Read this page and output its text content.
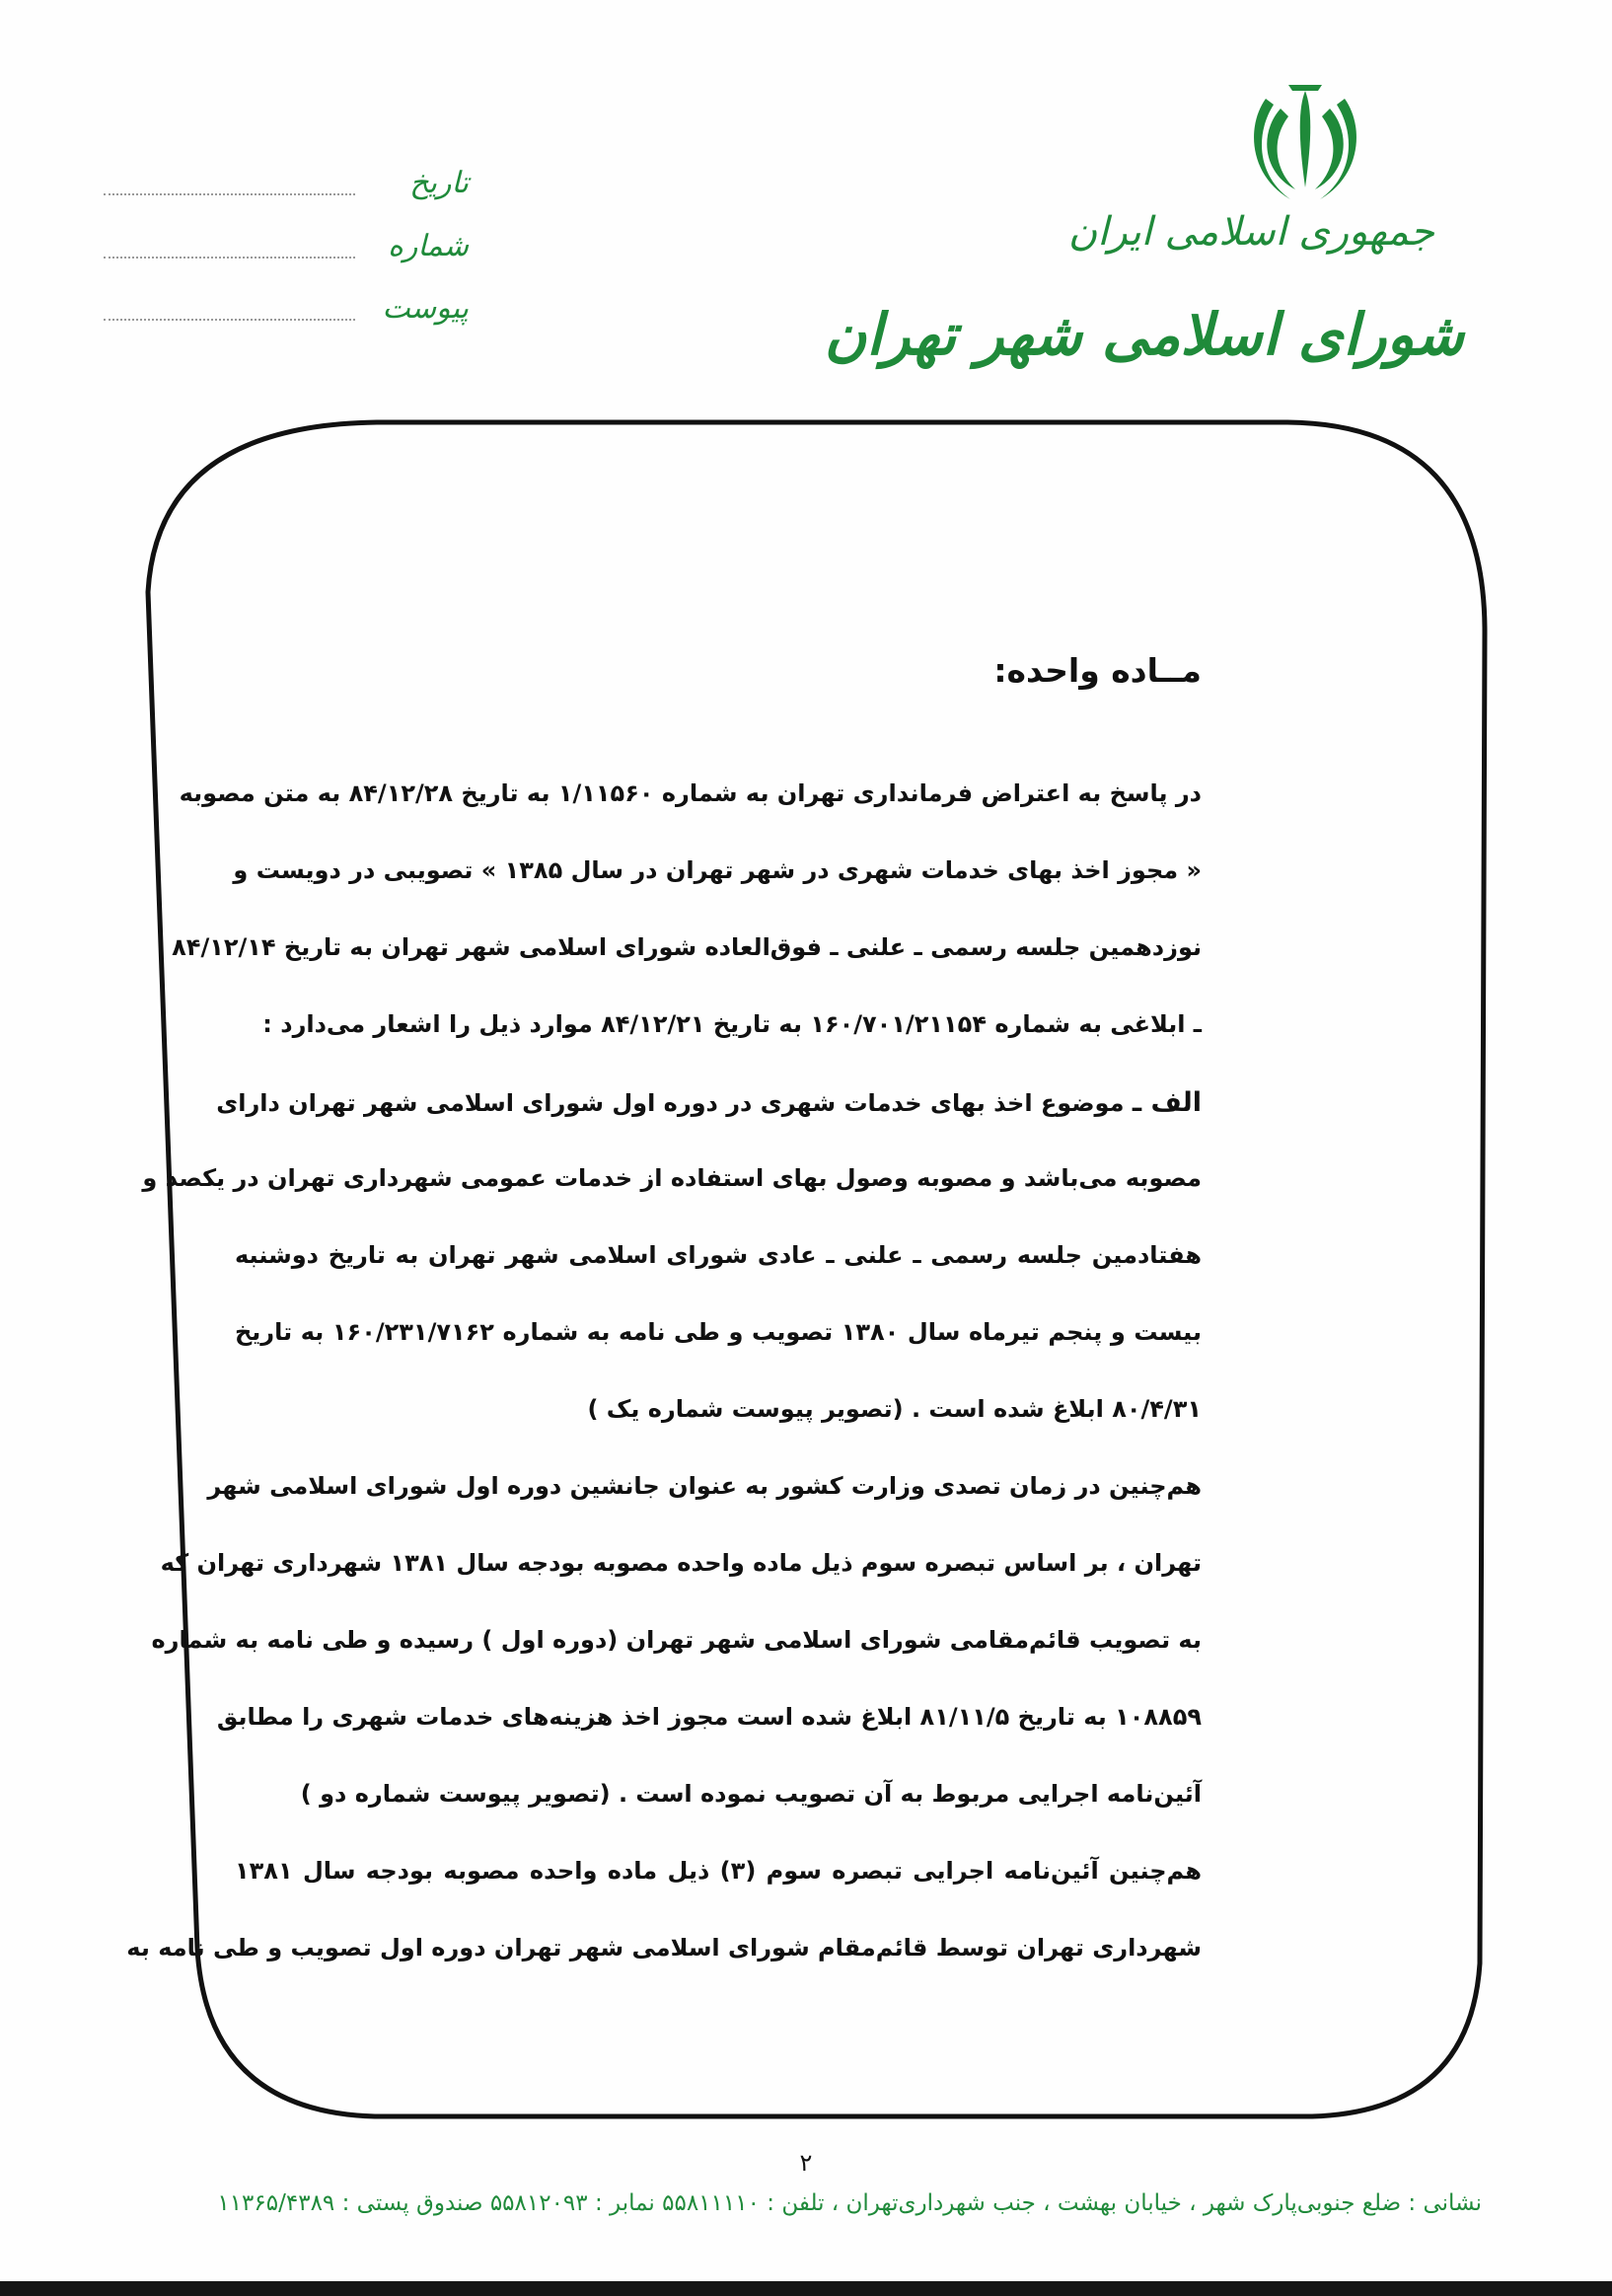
جمهوری اسلامی ایران
شورای اسلامی شهر تهران
تاریخ
شماره
پیوست
مــاده واحده:
در پاسخ به اعتراض فرمانداری تهران به شماره ۱/۱۱۵۶۰ به تاریخ ۸۴/۱۲/۲۸ به متن مصوبه
« مجوز اخذ بهای خدمات شهری در شهر تهران در سال ۱۳۸۵ » تصویبی در دویست و
نوزدهمین جلسه رسمی ـ علنی ـ فوق‌العاده شورای اسلامی شهر تهران به تاریخ ۸۴/۱۲/۱۴
ـ ابلاغی به شماره ۱۶۰/۷۰۱/۲۱۱۵۴ به تاریخ ۸۴/۱۲/۲۱ موارد ذیل را اشعار می‌دارد :
الف ـ موضوع اخذ بهای خدمات شهری در دوره اول شورای اسلامی شهر تهران دارای
مصوبه می‌باشد و مصوبه وصول بهای استفاده از خدمات عمومی شهرداری تهران در یکصد و
هفتادمین جلسه رسمی ـ علنی ـ عادی شورای اسلامی شهر تهران به تاریخ دوشنبه
بیست و پنجم تیرماه سال ۱۳۸۰ تصویب و طی نامه به شماره ۱۶۰/۲۳۱/۷۱۶۲ به تاریخ
۸۰/۴/۳۱ ابلاغ شده است . (تصویر پیوست شماره یک )
هم‌چنین در زمان تصدی وزارت کشور به عنوان جانشین دوره اول شورای اسلامی شهر
تهران ، بر اساس تبصره سوم ذیل ماده واحده مصوبه بودجه سال ۱۳۸۱ شهرداری تهران که
به تصویب قائم‌مقامی شورای اسلامی شهر تهران (دوره اول ) رسیده و طی نامه به شماره
۱۰۸۸۵۹ به تاریخ ۸۱/۱۱/۵ ابلاغ شده است مجوز اخذ هزینه‌های خدمات شهری را مطابق
آئین‌نامه اجرایی مربوط به آن تصویب نموده است . (تصویر پیوست شماره دو )
هم‌چنین آئین‌نامه اجرایی تبصره سوم (۳) ذیل ماده واحده مصوبه بودجه سال ۱۳۸۱
شهرداری تهران توسط قائم‌مقام شورای اسلامی شهر تهران دوره اول تصویب و طی نامه به
۲
نشانی : ضلع جنوبی‌پارک شهر ، خیابان بهشت ، جنب شهرداری‌تهران ، تلفن : ۵۵۸۱۱۱۱۰ نمابر : ۵۵۸۱۲۰۹۳ صندوق پستی : ۱۱۳۶۵/۴۳۸۹
